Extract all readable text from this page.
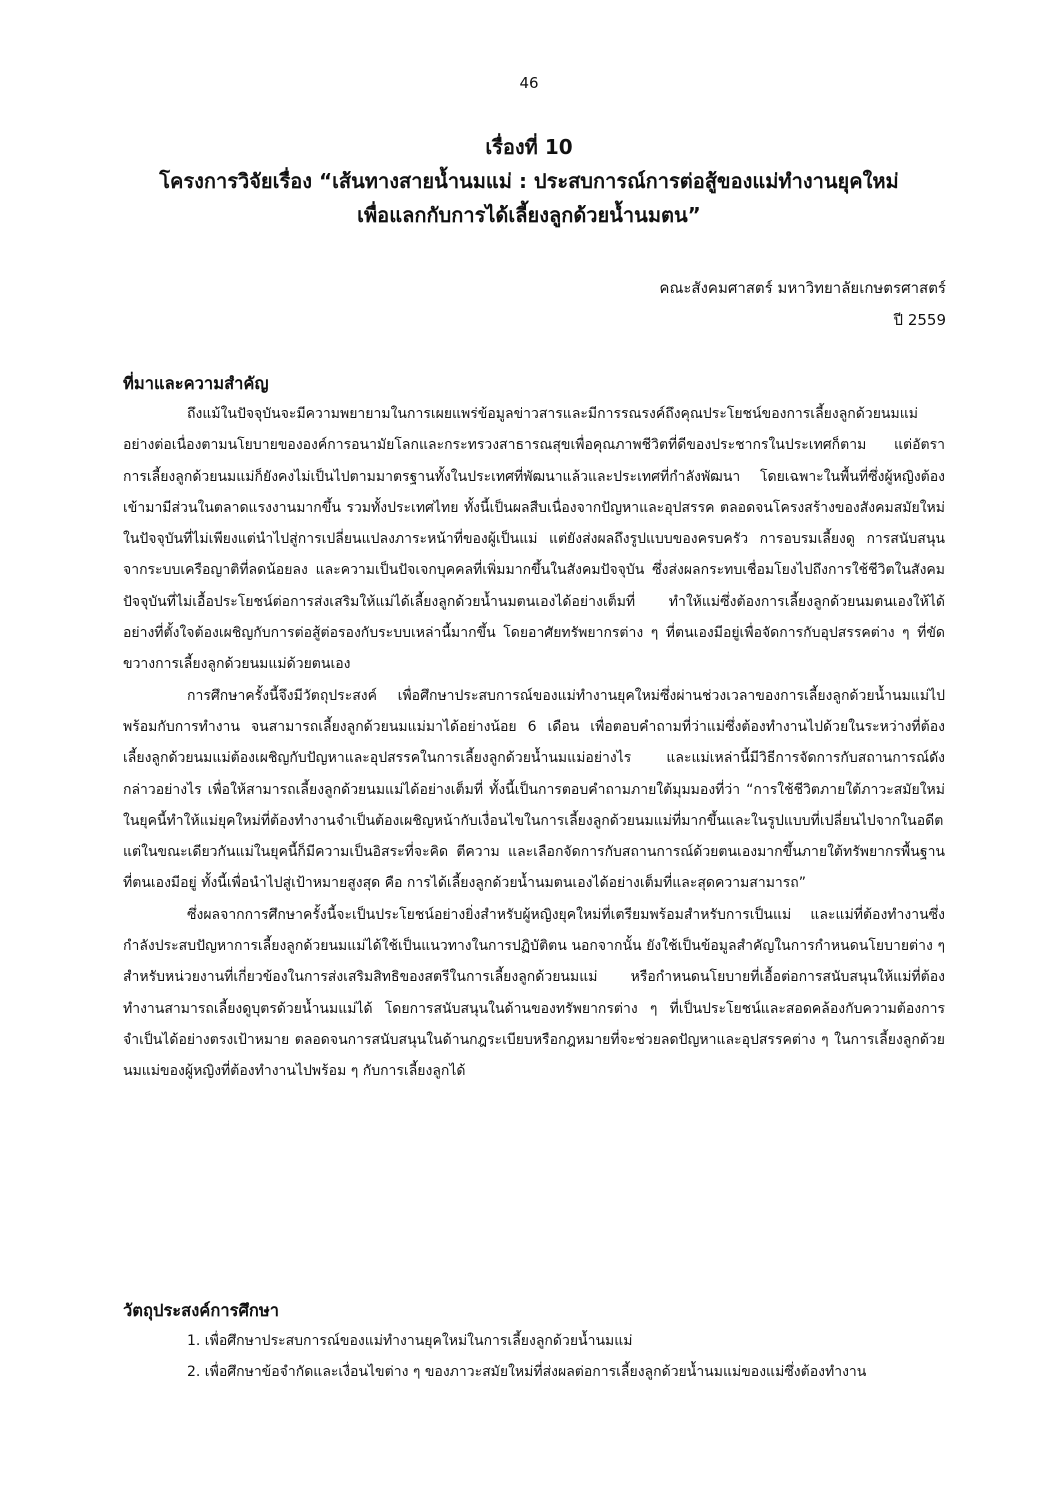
46
เรื่องที่ 10
โครงการวิจัยเรื่อง “เส้นทางสายน้ำนมแม่ : ประสบการณ์การต่อสู้ของแม่ทำงานยุคใหม่
เพื่อแลกกับการได้เลี้ยงลูกด้วยน้ำนมตน”
คณะสังคมศาสตร์ มหาวิทยาลัยเกษตรศาสตร์
ปี 2559
ที่มาและความสำคัญ

ถึงแม้ในปัจจุบันจะมีความพยายามในการเผยแพร่ข้อมูลข่าวสารและมีการรณรงค์ถึงคุณประโยชน์ของการเลี้ยงลูกด้วยนมแม่อย่างต่อเนื่องตามนโยบายขององค์การอนามัยโลกและกระทรวงสาธารณสุขเพื่อคุณภาพชีวิตที่ดีของประชากรในประเทศก็ตาม แต่อัตราการเลี้ยงลูกด้วยนมแม่ก็ยังคงไม่เป็นไปตามมาตรฐานทั้งในประเทศที่พัฒนาแล้วและประเทศที่กำลังพัฒนา โดยเฉพาะในพื้นที่ซึ่งผู้หญิงต้องเข้ามามีส่วนในตลาดแรงงานมากขึ้น รวมทั้งประเทศไทย ทั้งนี้เป็นผลสืบเนื่องจากปัญหาและอุปสรรค ตลอดจนโครงสร้างของสังคมสมัยใหม่ในปัจจุบันที่ไม่เพียงแต่นำไปสู่การเปลี่ยนแปลงภาระหน้าที่ของผู้เป็นแม่ แต่ยังส่งผลถึงรูปแบบของครบครัว การอบรมเลี้ยงดู การสนับสนุนจากระบบเครือญาติที่ลดน้อยลง และความเป็นปัจเจกบุคคลที่เพิ่มมากขึ้นในสังคมปัจจุบัน ซึ่งส่งผลกระทบเชื่อมโยงไปถึงการใช้ชีวิตในสังคมปัจจุบันที่ไม่เอื้อประโยชน์ต่อการส่งเสริมให้แม่ได้เลี้ยงลูกด้วยน้ำนมตนเองได้อย่างเต็มที่ ทำให้แม่ซึ่งต้องการเลี้ยงลูกด้วยนมตนเองให้ได้อย่างที่ตั้งใจต้องเผชิญกับการต่อสู้ต่อรองกับระบบเหล่านี้มากขึ้น โดยอาศัยทรัพยากรต่าง ๆ ที่ตนเองมีอยู่เพื่อจัดการกับอุปสรรคต่าง ๆ ที่ขัดขวางการเลี้ยงลูกด้วยนมแม่ด้วยตนเอง

การศึกษาครั้งนี้จึงมีวัตถุประสงค์ เพื่อศึกษาประสบการณ์ของแม่ทำงานยุคใหม่ซึ่งผ่านช่วงเวลาของการเลี้ยงลูกด้วยน้ำนมแม่ไปพร้อมกับการทำงาน จนสามารถเลี้ยงลูกด้วยนมแม่มาได้อย่างน้อย 6 เดือน เพื่อตอบคำถามที่ว่าแม่ซึ่งต้องทำงานไปด้วยในระหว่างที่ต้องเลี้ยงลูกด้วยนมแม่ต้องเผชิญกับปัญหาและอุปสรรคในการเลี้ยงลูกด้วยน้ำนมแม่อย่างไร และแม่เหล่านี้มีวิธีการจัดการกับสถานการณ์ดังกล่าวอย่างไร เพื่อให้สามารถเลี้ยงลูกด้วยนมแม่ได้อย่างเต็มที่ ทั้งนี้เป็นการตอบคำถามภายใต้มุมมองที่ว่า “การใช้ชีวิตภายใต้ภาวะสมัยใหม่ในยุคนี้ทำให้แม่ยุคใหม่ที่ต้องทำงานจำเป็นต้องเผชิญหน้ากับเงื่อนไขในการเลี้ยงลูกด้วยนมแม่ที่มากขึ้นและในรูปแบบที่เปลี่ยนไปจากในอดีต แต่ในขณะเดียวกันแม่ในยุคนี้ก็มีความเป็นอิสระที่จะคิด ตีความ และเลือกจัดการกับสถานการณ์ด้วยตนเองมากขึ้นภายใต้ทรัพยากรพื้นฐานที่ตนเองมีอยู่ ทั้งนี้เพื่อนำไปสู่เป้าหมายสูงสุด คือ การได้เลี้ยงลูกด้วยน้ำนมตนเองได้อย่างเต็มที่และสุดความสามารถ”

ซึ่งผลจากการศึกษาครั้งนี้จะเป็นประโยชน์อย่างยิ่งสำหรับผู้หญิงยุคใหม่ที่เตรียมพร้อมสำหรับการเป็นแม่ และแม่ที่ต้องทำงานซึ่งกำลังประสบปัญหาการเลี้ยงลูกด้วยนมแม่ได้ใช้เป็นแนวทางในการปฏิบัติตน นอกจากนั้น ยังใช้เป็นข้อมูลสำคัญในการกำหนดนโยบายต่าง ๆ สำหรับหน่วยงานที่เกี่ยวข้องในการส่งเสริมสิทธิของสตรีในการเลี้ยงลูกด้วยนมแม่ หรือกำหนดนโยบายที่เอื้อต่อการสนับสนุนให้แม่ที่ต้องทำงานสามารถเลี้ยงดูบุตรด้วยน้ำนมแม่ได้ โดยการสนับสนุนในด้านของทรัพยากรต่าง ๆ ที่เป็นประโยชน์และสอดคล้องกับความต้องการจำเป็นได้อย่างตรงเป้าหมาย ตลอดจนการสนับสนุนในด้านกฎระเบียบหรือกฎหมายที่จะช่วยลดปัญหาและอุปสรรคต่าง ๆ ในการเลี้ยงลูกด้วยนมแม่ของผู้หญิงที่ต้องทำงานไปพร้อม ๆ กับการเลี้ยงลูกได้

วัตถุประสงค์การศึกษา

1. เพื่อศึกษาประสบการณ์ของแม่ทำงานยุคใหม่ในการเลี้ยงลูกด้วยน้ำนมแม่

2. เพื่อศึกษาข้อจำกัดและเงื่อนไขต่าง ๆ ของภาวะสมัยใหม่ที่ส่งผลต่อการเลี้ยงลูกด้วยน้ำนมแม่ของแม่ซึ่งต้องทำงาน
